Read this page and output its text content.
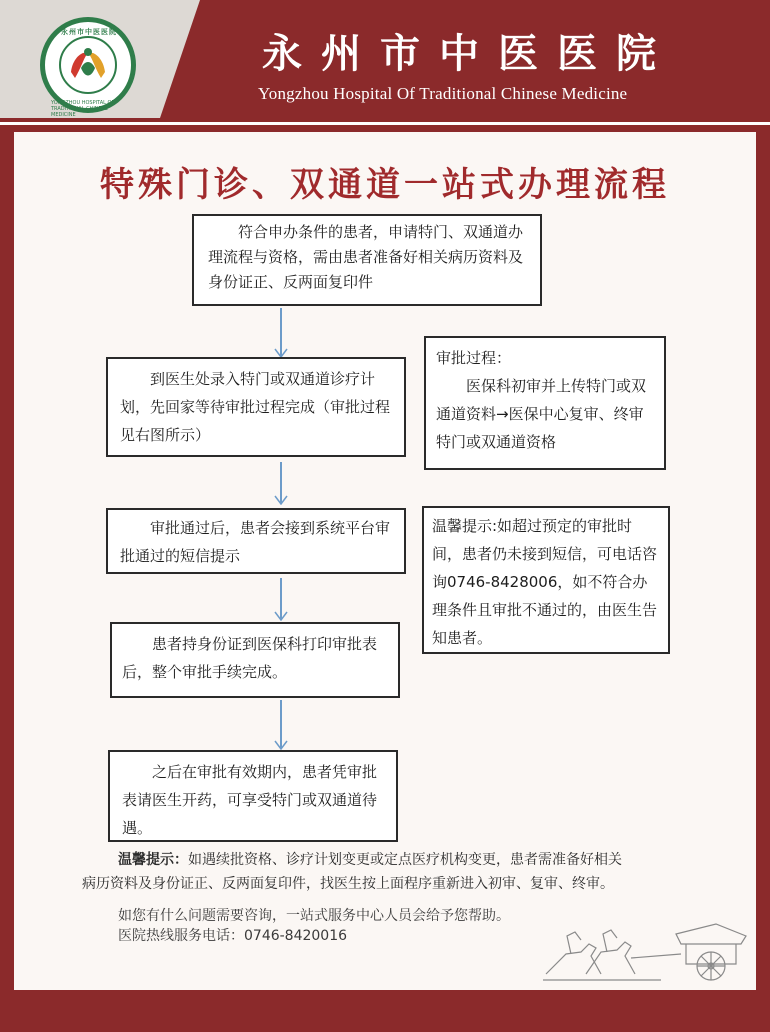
永州市中医医院
YONGZHOU HOSPITAL OF TRADITIONAL CHINESE MEDICINE
永州市中医医院
Yongzhou Hospital Of Traditional Chinese Medicine
特殊门诊、双通道一站式办理流程
符合申办条件的患者，申请特门、双通道办理流程与资格，需由患者准备好相关病历资料及身份证正、反两面复印件
到医生处录入特门或双通道诊疗计划，先回家等待审批过程完成（审批过程见右图所示）
审批通过后，患者会接到系统平台审批通过的短信提示
患者持身份证到医保科打印审批表后，整个审批手续完成。
之后在审批有效期内，患者凭审批表请医生开药，可享受特门或双通道待遇。
审批过程：
医保科初审并上传特门或双通道资料→医保中心复审、终审特门或双通道资格
温馨提示:如超过预定的审批时间，患者仍未接到短信，可电话咨询0746-8428006，如不符合办理条件且审批不通过的，由医生告知患者。
温馨提示：如遇续批资格、诊疗计划变更或定点医疗机构变更，患者需准备好相关
病历资料及身份证正、反两面复印件，找医生按上面程序重新进入初审、复审、终审。
如您有什么问题需要咨询，一站式服务中心人员会给予您帮助。
医院热线服务电话：0746-8420016
